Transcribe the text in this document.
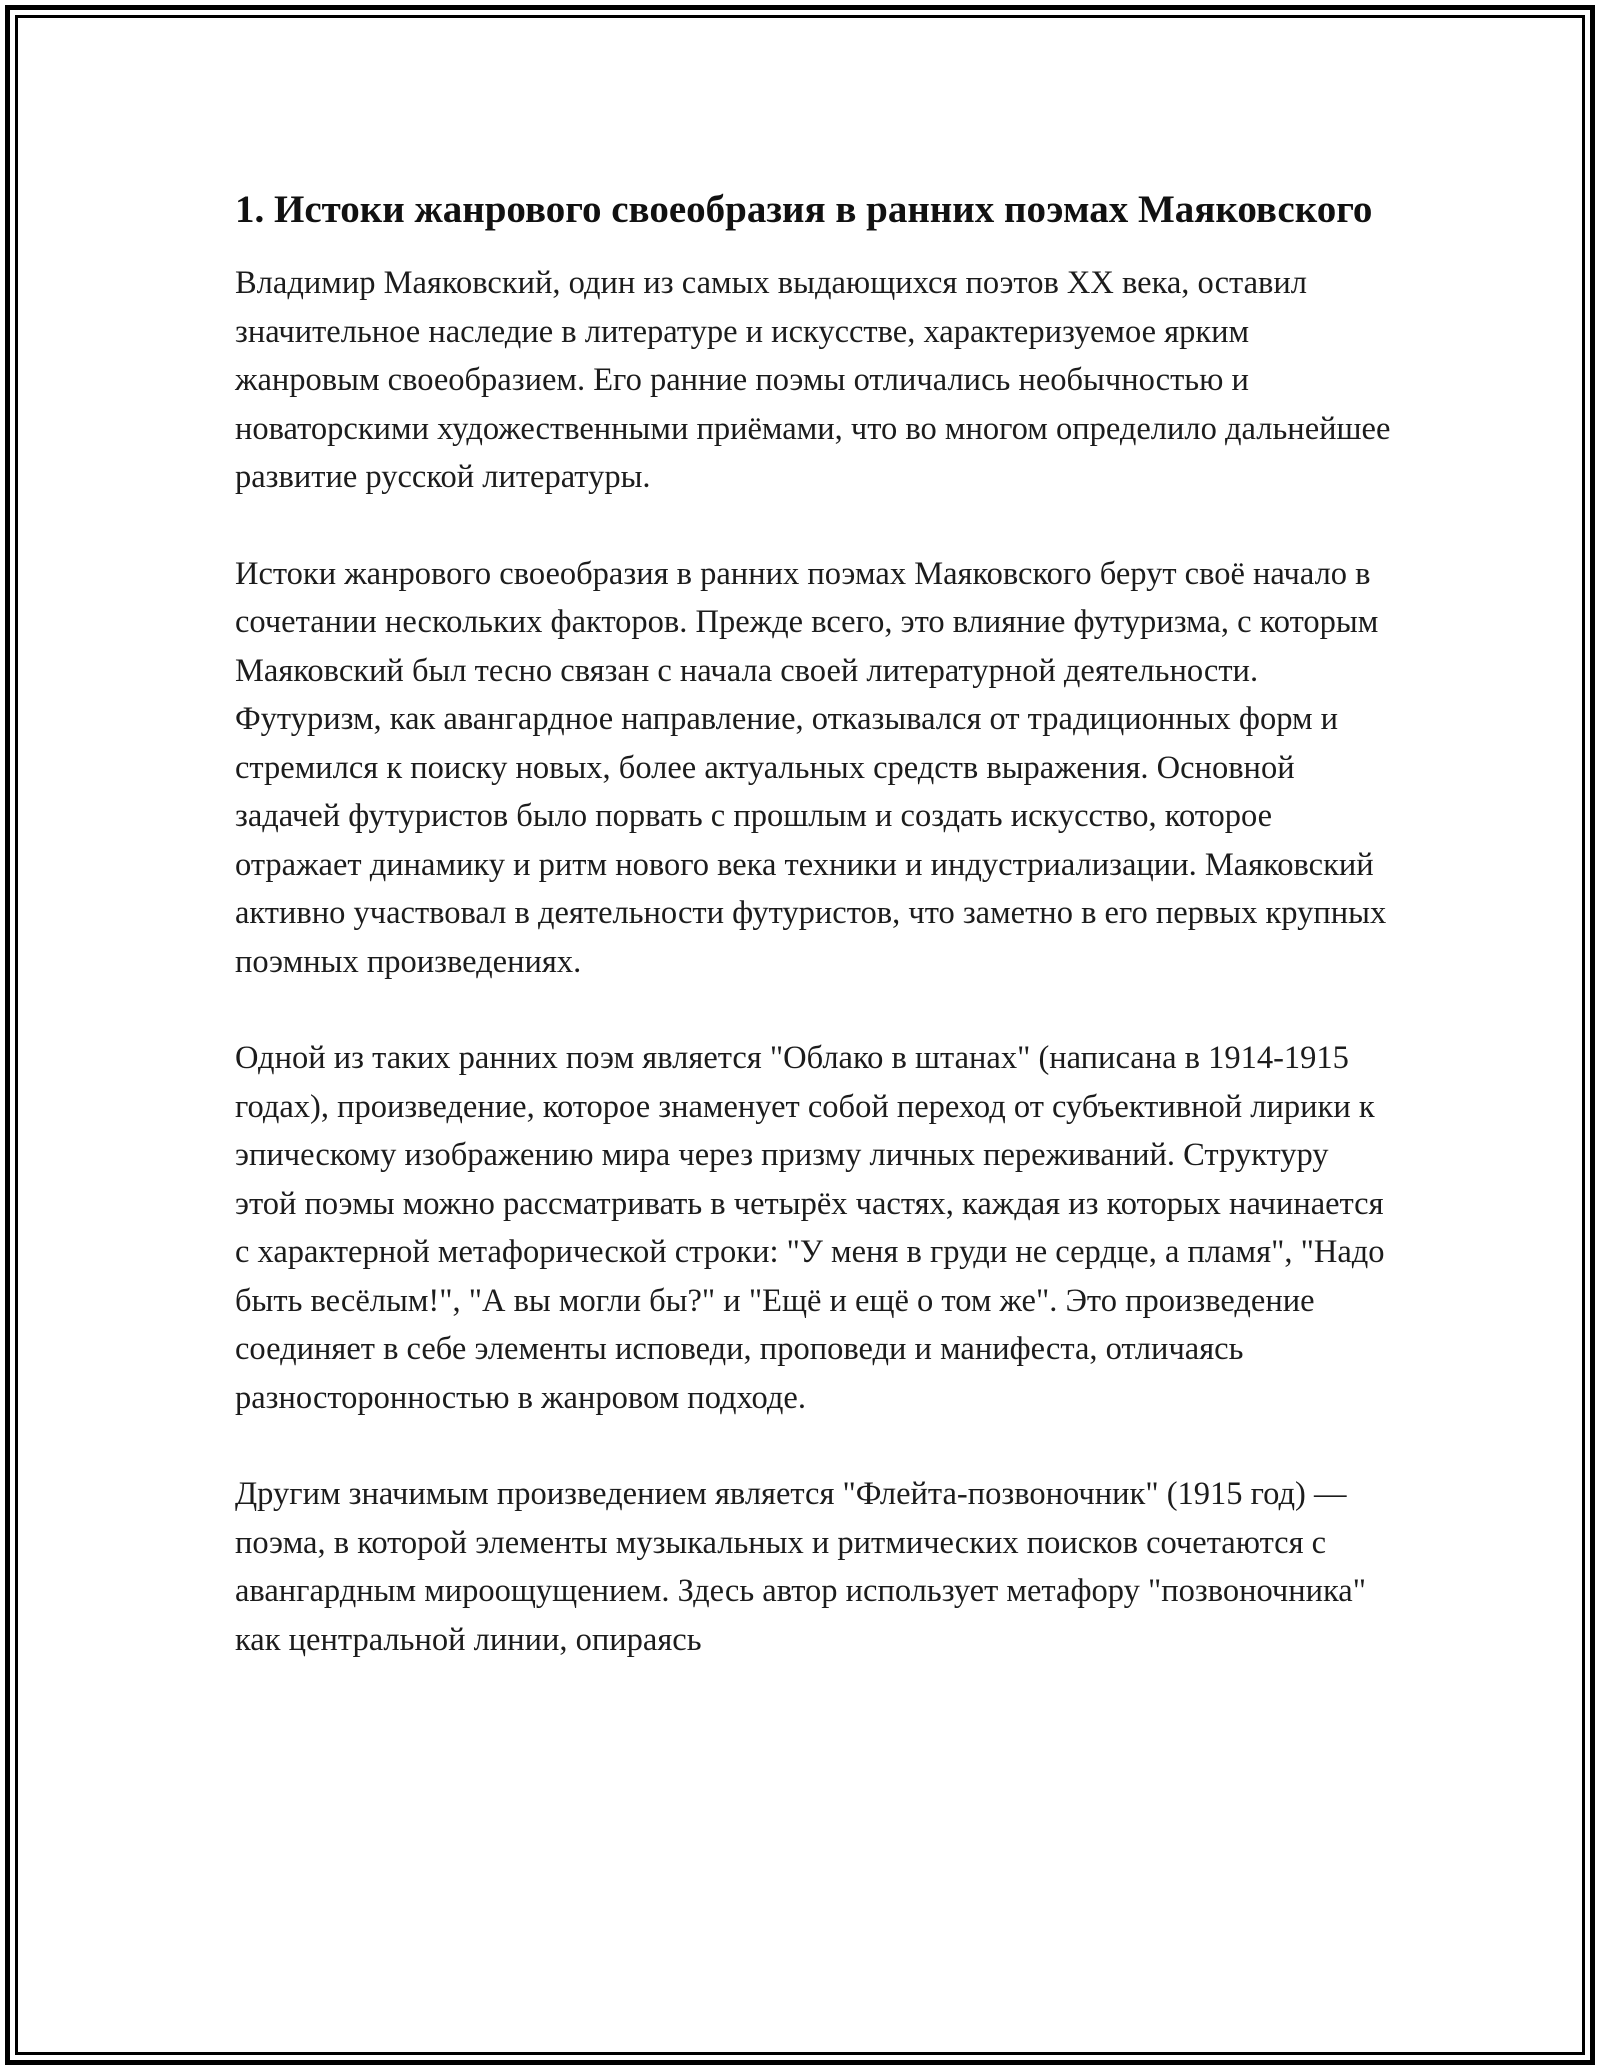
1. Истоки жанрового своеобразия в ранних поэмах Маяковского

Владимир Маяковский, один из самых выдающихся поэтов XX века, оставил значительное наследие в литературе и искусстве, характеризуемое ярким жанровым своеобразием. Его ранние поэмы отличались необычностью и новаторскими художественными приёмами, что во многом определило дальнейшее развитие русской литературы.

Истоки жанрового своеобразия в ранних поэмах Маяковского берут своё начало в сочетании нескольких факторов. Прежде всего, это влияние футуризма, с которым Маяковский был тесно связан с начала своей литературной деятельности. Футуризм, как авангардное направление, отказывался от традиционных форм и стремился к поиску новых, более актуальных средств выражения. Основной задачей футуристов было порвать с прошлым и создать искусство, которое отражает динамику и ритм нового века техники и индустриализации. Маяковский активно участвовал в деятельности футуристов, что заметно в его первых крупных поэмных произведениях.

Одной из таких ранних поэм является "Облако в штанах" (написана в 1914-1915 годах), произведение, которое знаменует собой переход от субъективной лирики к эпическому изображению мира через призму личных переживаний. Структуру этой поэмы можно рассматривать в четырёх частях, каждая из которых начинается с характерной метафорической строки: "У меня в груди не сердце, а пламя", "Надо быть весёлым!", "А вы могли бы?" и "Ещё и ещё о том же". Это произведение соединяет в себе элементы исповеди, проповеди и манифеста, отличаясь разносторонностью в жанровом подходе.

Другим значимым произведением является "Флейта-позвоночник" (1915 год) — поэма, в которой элементы музыкальных и ритмических поисков сочетаются с авангардным мироощущением. Здесь автор использует метафору "позвоночника" как центральной линии, опираясь
